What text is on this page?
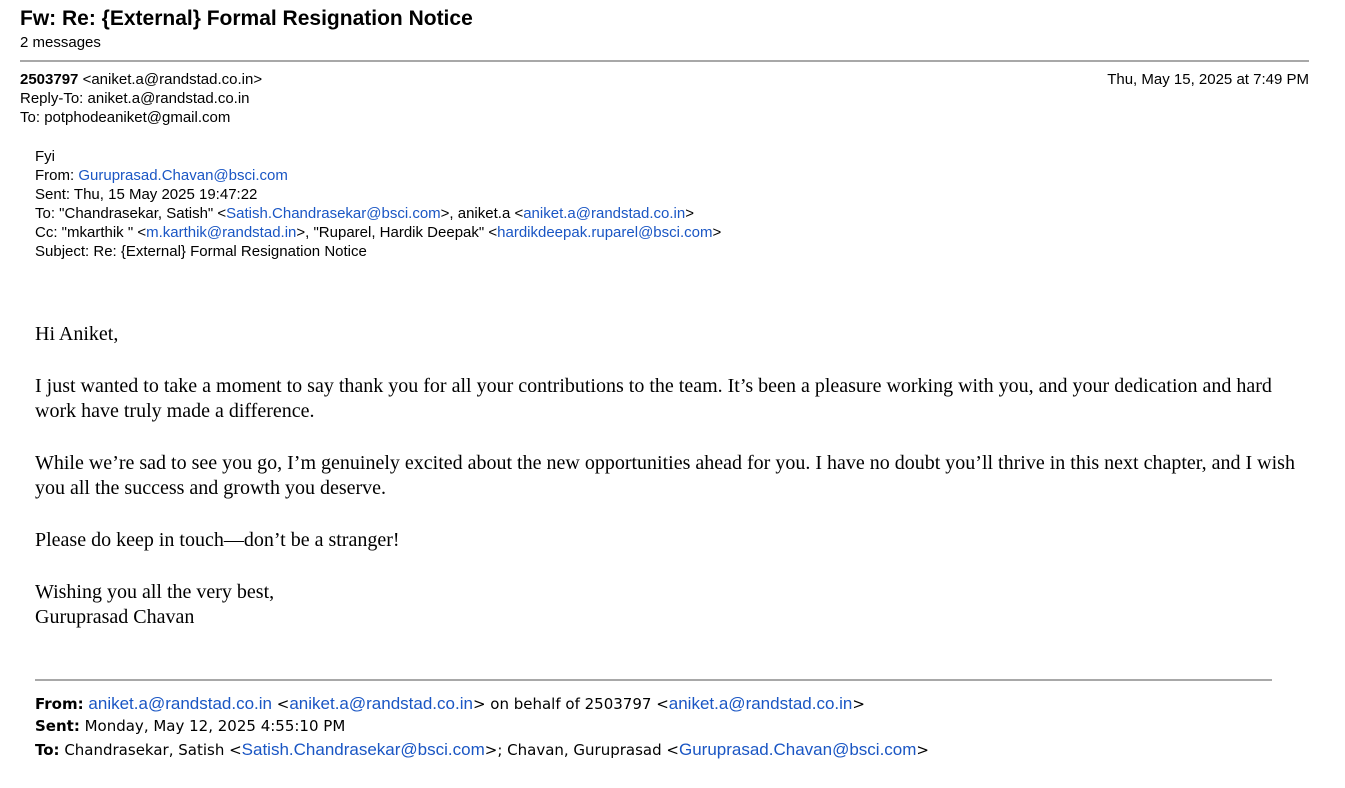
Fw: Re: {External} Formal Resignation Notice
2 messages
2503797 <aniket.a@randstad.co.in>	Thu, May 15, 2025 at 7:49 PM
Reply-To: aniket.a@randstad.co.in
To: potphodeaniket@gmail.com
Fyi
From: Guruprasad.Chavan@bsci.com
Sent: Thu, 15 May 2025 19:47:22
To: "Chandrasekar, Satish" <Satish.Chandrasekar@bsci.com>, aniket.a <aniket.a@randstad.co.in>
Cc: "mkarthik " <m.karthik@randstad.in>, "Ruparel, Hardik Deepak" <hardikdeepak.ruparel@bsci.com>
Subject: Re: {External} Formal Resignation Notice

Hi Aniket,

I just wanted to take a moment to say thank you for all your contributions to the team. It’s been a pleasure working with you, and your dedication and hard work have truly made a difference.

While we’re sad to see you go, I’m genuinely excited about the new opportunities ahead for you. I have no doubt you’ll thrive in this next chapter, and I wish you all the success and growth you deserve.

Please do keep in touch—don’t be a stranger!

Wishing you all the very best,

Guruprasad Chavan

From: aniket.a@randstad.co.in <aniket.a@randstad.co.in> on behalf of 2503797 <aniket.a@randstad.co.in>
Sent: Monday, May 12, 2025 4:55:10 PM
To: Chandrasekar, Satish <Satish.Chandrasekar@bsci.com>; Chavan, Guruprasad <Guruprasad.Chavan@bsci.com>
